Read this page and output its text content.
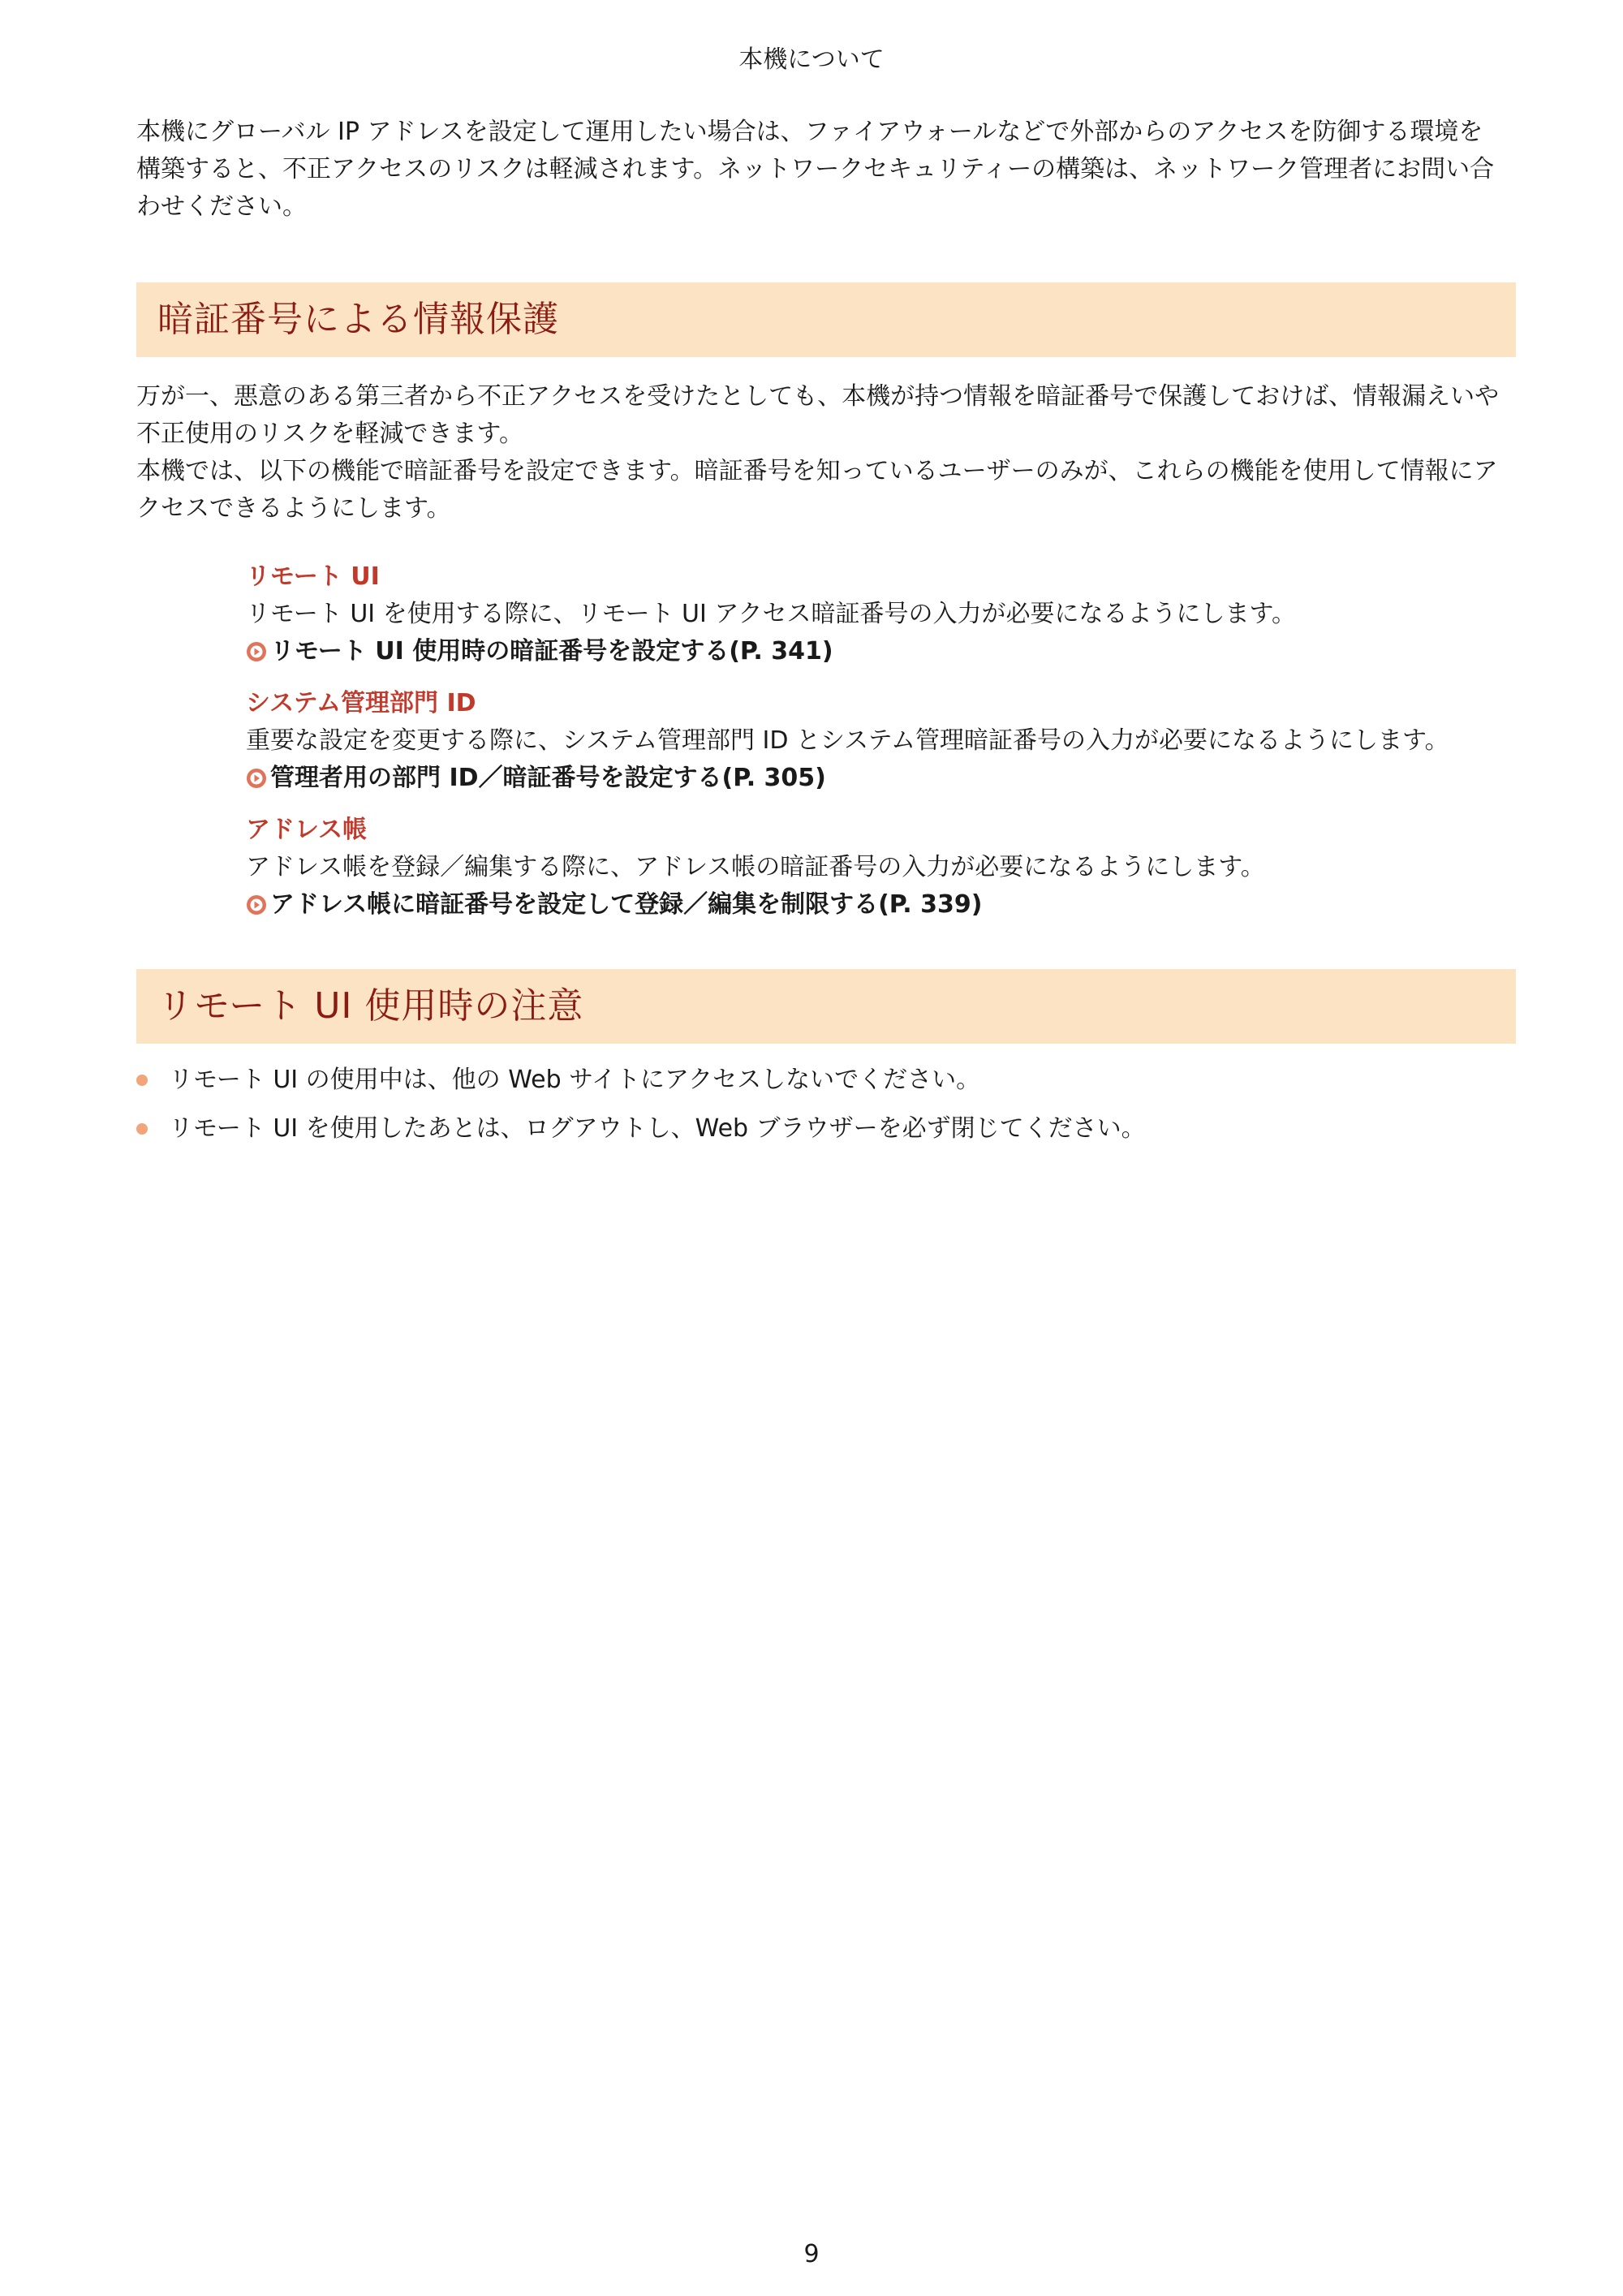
本機について

本機にグローバル IP アドレスを設定して運用したい場合は、ファイアウォールなどで外部からのアクセスを防御する環境を

構築すると、不正アクセスのリスクは軽減されます。ネットワークセキュリティーの構築は、ネットワーク管理者にお問い合

わせください。

暗証番号による情報保護

万が一、悪意のある第三者から不正アクセスを受けたとしても、本機が持つ情報を暗証番号で保護しておけば、情報漏えいや

不正使用のリスクを軽減できます。

本機では、以下の機能で暗証番号を設定できます。暗証番号を知っているユーザーのみが、これらの機能を使用して情報にア

クセスできるようにします。

リモート UI
リモート UI を使用する際に、リモート UI アクセス暗証番号の入力が必要になるようにします。
リモート UI 使用時の暗証番号を設定する(P. 341)
システム管理部門 ID
重要な設定を変更する際に、システム管理部門 ID とシステム管理暗証番号の入力が必要になるようにします。
管理者用の部門 ID／暗証番号を設定する(P. 305)
アドレス帳
アドレス帳を登録／編集する際に、アドレス帳の暗証番号の入力が必要になるようにします。
アドレス帳に暗証番号を設定して登録／編集を制限する(P. 339)
リモート UI 使用時の注意
リモート UI の使用中は、他の Web サイトにアクセスしないでください。
リモート UI を使用したあとは、ログアウトし、Web ブラウザーを必ず閉じてください。
9
